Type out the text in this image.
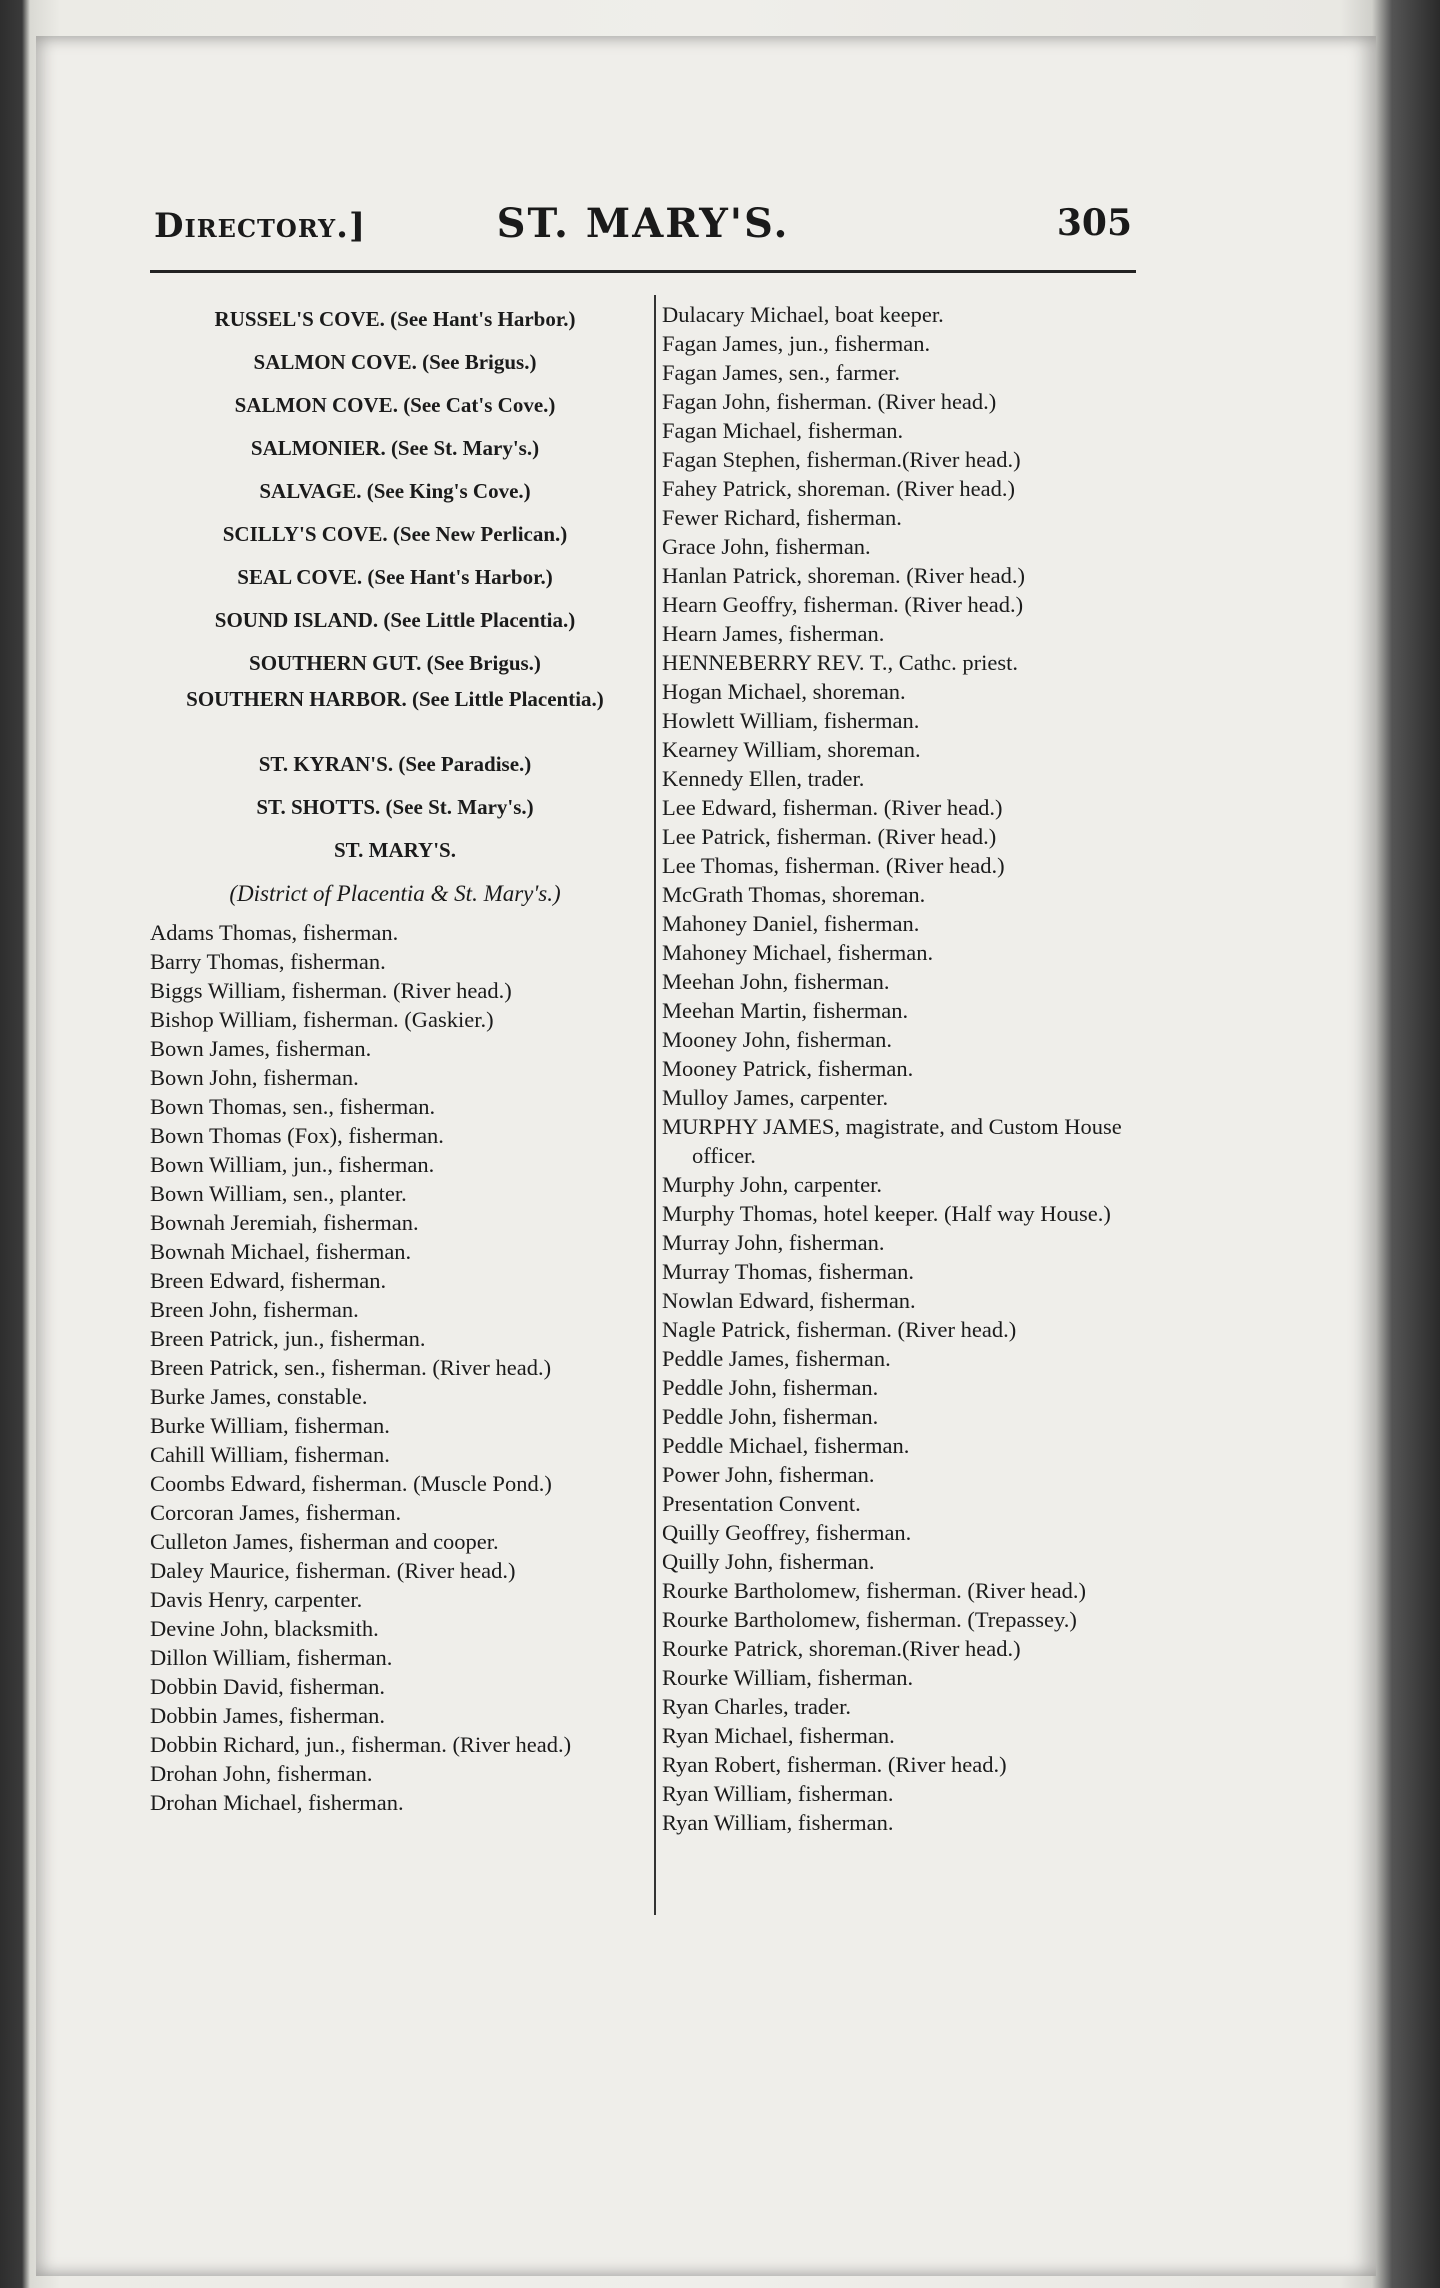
Directory.]	ST. MARY'S.	305
RUSSEL'S COVE. (See Hant's Harbor.)
SALMON COVE. (See Brigus.)
SALMON COVE. (See Cat's Cove.)
SALMONIER. (See St. Mary's.)
SALVAGE. (See King's Cove.)
SCILLY'S COVE. (See New Perlican.)
SEAL COVE. (See Hant's Harbor.)
SOUND ISLAND. (See Little Placentia.)
SOUTHERN GUT. (See Brigus.)
SOUTHERN HARBOR. (See Little Placentia.)
ST. KYRAN'S. (See Paradise.)
ST. SHOTTS. (See St. Mary's.)
ST. MARY'S.
(District of Placentia & St. Mary's.)
Adams Thomas, fisherman.
Barry Thomas, fisherman.
Biggs William, fisherman. (River head.)
Bishop William, fisherman. (Gaskier.)
Bown James, fisherman.
Bown John, fisherman.
Bown Thomas, sen., fisherman.
Bown Thomas (Fox), fisherman.
Bown William, jun., fisherman.
Bown William, sen., planter.
Bownah Jeremiah, fisherman.
Bownah Michael, fisherman.
Breen Edward, fisherman.
Breen John, fisherman.
Breen Patrick, jun., fisherman.
Breen Patrick, sen., fisherman. (River head.)
Burke James, constable.
Burke William, fisherman.
Cahill William, fisherman.
Coombs Edward, fisherman. (Muscle Pond.)
Corcoran James, fisherman.
Culleton James, fisherman and cooper.
Daley Maurice, fisherman. (River head.)
Davis Henry, carpenter.
Devine John, blacksmith.
Dillon William, fisherman.
Dobbin David, fisherman.
Dobbin James, fisherman.
Dobbin Richard, jun., fisherman. (River head.)
Drohan John, fisherman.
Drohan Michael, fisherman.
Dulacary Michael, boat keeper.
Fagan James, jun., fisherman.
Fagan James, sen., farmer.
Fagan John, fisherman. (River head.)
Fagan Michael, fisherman.
Fagan Stephen, fisherman.(River head.)
Fahey Patrick, shoreman. (River head.)
Fewer Richard, fisherman.
Grace John, fisherman.
Hanlan Patrick, shoreman. (River head.)
Hearn Geoffry, fisherman. (River head.)
Hearn James, fisherman.
HENNEBERRY REV. T., Cathc. priest.
Hogan Michael, shoreman.
Howlett William, fisherman.
Kearney William, shoreman.
Kennedy Ellen, trader.
Lee Edward, fisherman. (River head.)
Lee Patrick, fisherman. (River head.)
Lee Thomas, fisherman. (River head.)
McGrath Thomas, shoreman.
Mahoney Daniel, fisherman.
Mahoney Michael, fisherman.
Meehan John, fisherman.
Meehan Martin, fisherman.
Mooney John, fisherman.
Mooney Patrick, fisherman.
Mulloy James, carpenter.
MURPHY JAMES, magistrate, and Custom House officer.
Murphy John, carpenter.
Murphy Thomas, hotel keeper. (Half way House.)
Murray John, fisherman.
Murray Thomas, fisherman.
Nowlan Edward, fisherman.
Nagle Patrick, fisherman. (River head.)
Peddle James, fisherman.
Peddle John, fisherman.
Peddle John, fisherman.
Peddle Michael, fisherman.
Power John, fisherman.
Presentation Convent.
Quilly Geoffrey, fisherman.
Quilly John, fisherman.
Rourke Bartholomew, fisherman. (River head.)
Rourke Bartholomew, fisherman. (Trepassey.)
Rourke Patrick, shoreman.(River head.)
Rourke William, fisherman.
Ryan Charles, trader.
Ryan Michael, fisherman.
Ryan Robert, fisherman. (River head.)
Ryan William, fisherman.
Ryan William, fisherman.
